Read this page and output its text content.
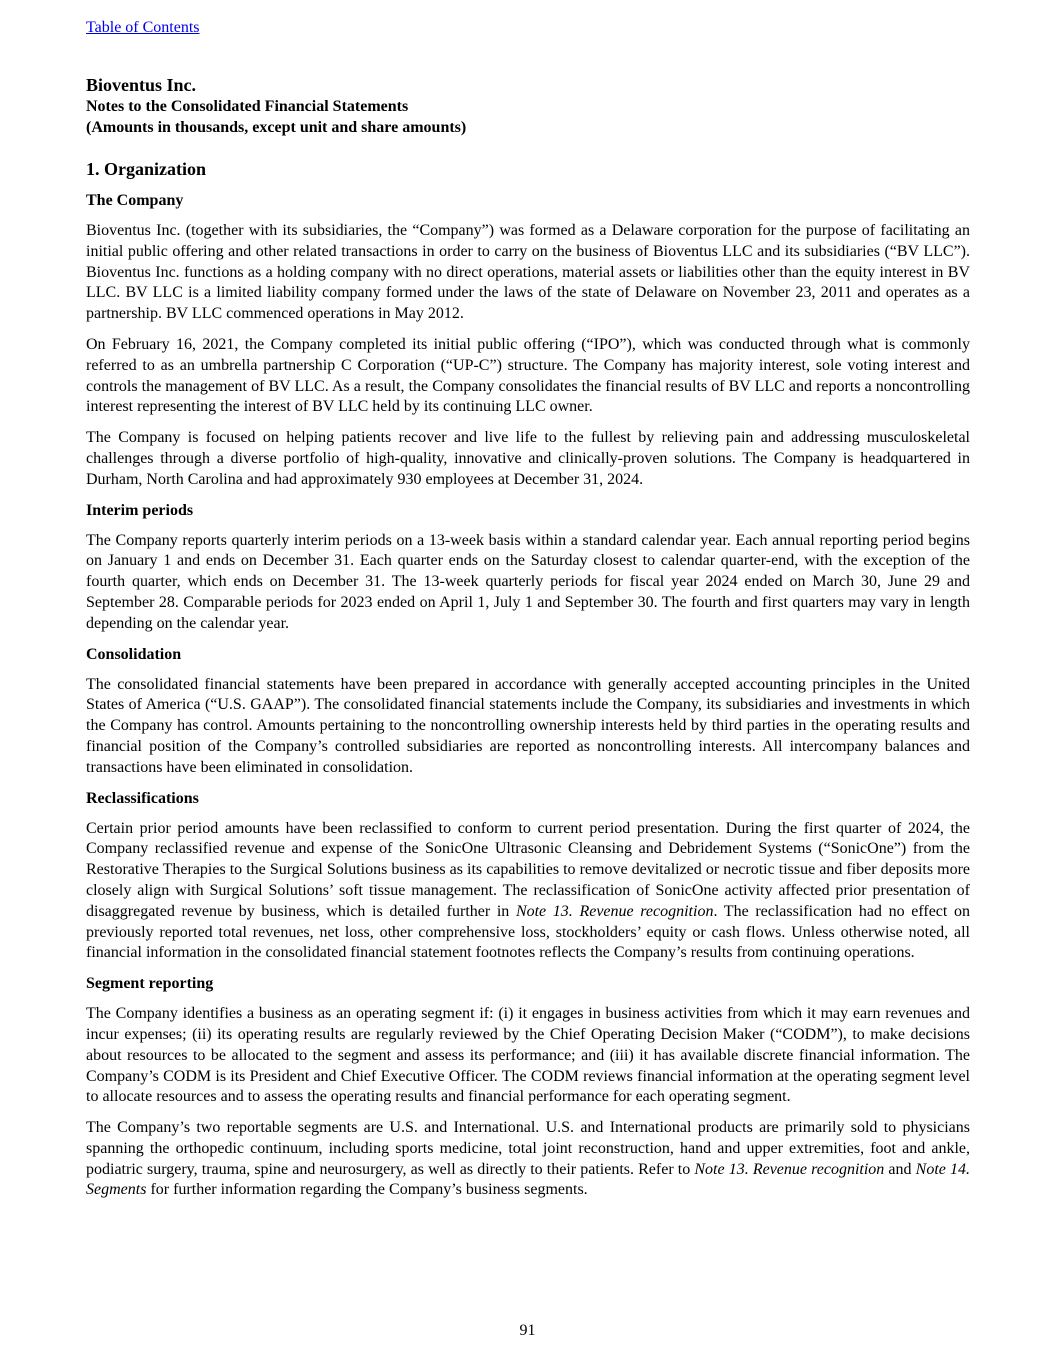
Table of Contents
Bioventus Inc.
Notes to the Consolidated Financial Statements
(Amounts in thousands, except unit and share amounts)
1. Organization
The Company

Bioventus Inc. (together with its subsidiaries, the “Company”) was formed as a Delaware corporation for the purpose of facilitating an initial public offering and other related transactions in order to carry on the business of Bioventus LLC and its subsidiaries (“BV LLC”). Bioventus Inc. functions as a holding company with no direct operations, material assets or liabilities other than the equity interest in BV LLC. BV LLC is a limited liability company formed under the laws of the state of Delaware on November 23, 2011 and operates as a partnership. BV LLC commenced operations in May 2012.

On February 16, 2021, the Company completed its initial public offering (“IPO”), which was conducted through what is commonly referred to as an umbrella partnership C Corporation (“UP-C”) structure. The Company has majority interest, sole voting interest and controls the management of BV LLC. As a result, the Company consolidates the financial results of BV LLC and reports a noncontrolling interest representing the interest of BV LLC held by its continuing LLC owner.

The Company is focused on helping patients recover and live life to the fullest by relieving pain and addressing musculoskeletal challenges through a diverse portfolio of high-quality, innovative and clinically-proven solutions. The Company is headquartered in Durham, North Carolina and had approximately 930 employees at December 31, 2024.

Interim periods

The Company reports quarterly interim periods on a 13-week basis within a standard calendar year. Each annual reporting period begins on January 1 and ends on December 31. Each quarter ends on the Saturday closest to calendar quarter-end, with the exception of the fourth quarter, which ends on December 31. The 13-week quarterly periods for fiscal year 2024 ended on March 30, June 29 and September 28. Comparable periods for 2023 ended on April 1, July 1 and September 30. The fourth and first quarters may vary in length depending on the calendar year.

Consolidation

The consolidated financial statements have been prepared in accordance with generally accepted accounting principles in the United States of America (“U.S. GAAP”). The consolidated financial statements include the Company, its subsidiaries and investments in which the Company has control. Amounts pertaining to the noncontrolling ownership interests held by third parties in the operating results and financial position of the Company’s controlled subsidiaries are reported as noncontrolling interests. All intercompany balances and transactions have been eliminated in consolidation.

Reclassifications

Certain prior period amounts have been reclassified to conform to current period presentation. During the first quarter of 2024, the Company reclassified revenue and expense of the SonicOne Ultrasonic Cleansing and Debridement Systems (“SonicOne”) from the Restorative Therapies to the Surgical Solutions business as its capabilities to remove devitalized or necrotic tissue and fiber deposits more closely align with Surgical Solutions’ soft tissue management. The reclassification of SonicOne activity affected prior presentation of disaggregated revenue by business, which is detailed further in Note 13. Revenue recognition. The reclassification had no effect on previously reported total revenues, net loss, other comprehensive loss, stockholders’ equity or cash flows. Unless otherwise noted, all financial information in the consolidated financial statement footnotes reflects the Company’s results from continuing operations.

Segment reporting

The Company identifies a business as an operating segment if: (i) it engages in business activities from which it may earn revenues and incur expenses; (ii) its operating results are regularly reviewed by the Chief Operating Decision Maker (“CODM”), to make decisions about resources to be allocated to the segment and assess its performance; and (iii) it has available discrete financial information. The Company’s CODM is its President and Chief Executive Officer. The CODM reviews financial information at the operating segment level to allocate resources and to assess the operating results and financial performance for each operating segment.

The Company’s two reportable segments are U.S. and International. U.S. and International products are primarily sold to physicians spanning the orthopedic continuum, including sports medicine, total joint reconstruction, hand and upper extremities, foot and ankle, podiatric surgery, trauma, spine and neurosurgery, as well as directly to their patients. Refer to Note 13. Revenue recognition and Note 14. Segments for further information regarding the Company’s business segments.

91
